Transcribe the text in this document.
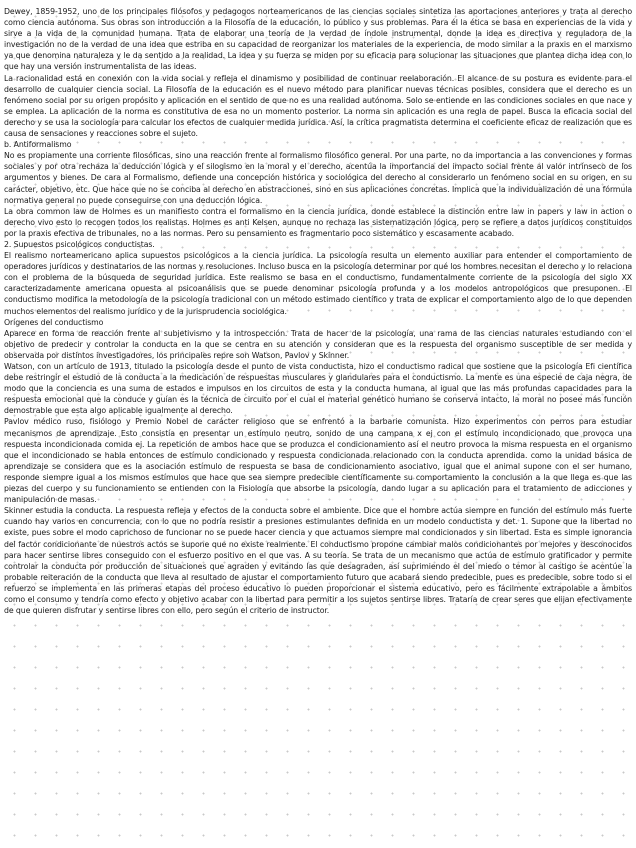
Dewey, 1859-1952, uno de los principales filósofos y pedagogos norteamericanos de las ciencias sociales sintetiza las aportaciones anteriores y trata al derecho como ciencia autónoma. Sus obras son introducción a la Filosofía de la educación, lo público y sus problemas. Para él la ética se basa en experiencias de la vida y sirve a la vida de la comunidad humana. Trata de elaborar una teoría de la verdad de índole instrumental, donde la idea es directiva y reguladora de la investigación no de la verdad de una idea que estriba en su capacidad de reorganizar los materiales de la experiencia, de modo similar a la praxis en el marxismo ya que denomina naturaleza y le da sentido a la realidad. La idea y su fuerza se miden por su eficacia para solucionar las situaciones que plantea dicha idea con lo que hay una versión instrumentalista de las ideas.

La racionalidad está en conexión con la vida social y refleja el dinamismo y posibilidad de continuar reelaboración. El alcance de su postura es evidente para el desarrollo de cualquier ciencia social. La Filosofía de la educación es el nuevo método para planificar nuevas técnicas posibles, considera que el derecho es un fenómeno social por su origen propósito y aplicación en el sentido de que no es una realidad autónoma. Solo se entiende en las condiciones sociales en que nace y se emplea. La aplicación de la norma es constitutiva de esa no un momento posterior. La norma sin aplicación es una regla de papel. Busca la eficacia social del derecho y se usa la sociología para calcular los efectos de cualquier medida jurídica. Así, la crítica pragmatista determina el coeficiente eficaz de realización que es causa de sensaciones y reacciones sobre el sujeto.

b. Antiformalismo

No es propiamente una corriente filosóficas, sino una reacción frente al formalismo filosófico general. Por una parte, no da importancia a las convenciones y formas sociales y por otra rechaza la deducción lógica y el silogismo en la moral y el derecho, acentúa la importancia del impacto social frente al valor intrínseco de los argumentos y bienes. De cara al Formalismo, defiende una concepción histórica y sociológica del derecho al considerarlo un fenómeno social en su origen, en su carácter, objetivo, etc. Que hace que no se conciba al derecho en abstracciones, sino en sus aplicaciones concretas. Implica que la individualización de una fórmula normativa general no puede conseguirse con una deducción lógica.

La obra common law de Holmes es un manifiesto contra el formalismo en la ciencia jurídica, donde establece la distinción entre law in papers y law in action o derecho vivo esto lo recogen todos los realistas. Holmes es anti Kelsen, aunque no rechaza las sistematización lógica, pero se refiere a datos jurídicos constituidos por la praxis efectiva de tribunales, no a las normas. Pero su pensamiento es fragmentario poco sistemático y escasamente acabado.

2. Supuestos psicológicos conductistas.

El realismo norteamericano aplica supuestos psicológicos a la ciencia jurídica. La psicología resulta un elemento auxiliar para entender el comportamiento de operadores jurídicos y destinatarios de las normas y resoluciones. Incluso busca en la psicología determinar por qué los hombres necesitan el derecho y lo relaciona con el problema de la búsqueda de seguridad jurídica. Este realismo se basa en el conductismo, fundamentalmente corriente de la psicología del siglo XX caracterizadamente americana opuesta al psicoanálisis que se puede denominar psicología profunda y a los modelos antropológicos que presuponen. El conductismo modifica la metodología de la psicología tradicional con un método estimado científico y trata de explicar el comportamiento algo de lo que dependen muchos elementos del realismo jurídico y de la jurisprudencia sociológica.

Orígenes del conductismo

Aparece en forma de reacción frente al subjetivismo y la introspección. Trata de hacer de la psicología, una rama de las ciencias naturales estudiando con el objetivo de predecir y controlar la conducta en la que se centra en su atención y consideran que es la respuesta del organismo susceptible de ser medida y observada por distintos investigadores, los principales repre son Watson, Pavlov y Skinner.

Watson, con un artículo de 1913, titulado la psicología desde el punto de vista conductista, hizo el conductismo radical que sostiene que la psicología Efi científica debe restringir el estudio de la conducta a la medicación de respuestas musculares y glandulares para el conductismo. La mente es una especie de caja negra, de modo que la conciencia es una suma de estados e impulsos en los circuitos de esta y la conducta humana, al igual que las más profundas capacidades para la respuesta emocional que la conduce y guían es la técnica de circuito por el cual el material genético humano se conserva intacto, la moral no posee más función demostrable que esta algo aplicable igualmente al derecho.

Pavlov médico ruso, fisiólogo y Premio Nobel de carácter religioso que se enfrentó a la barbarie comunista. Hizo experimentos con perros para estudiar mecanismos de aprendizaje. Esto consistía en presentar un estímulo neutro, sonido de una campana x ej con el estímulo incondicionado que provoca una respuesta incondicionada comida ej. La repetición de ambos hace que se produzca el condicionamiento así el neutro provoca la misma respuesta en el organismo que el incondicionado se habla entonces de estímulo condicionado y respuesta condicionada relacionado con la conducta aprendida. como la unidad básica de aprendizaje se considera que es la asociación estímulo de respuesta se basa de condicionamiento asociativo, igual que el animal supone con el ser humano, responde siempre igual a los mismos estímulos que hace que sea siempre predecible científicamente su comportamiento la conclusión a la que llega es que las piezas del cuerpo y su funcionamiento se entienden con la Fisiología que absorbe la psicología, dando lugar a su aplicación para el tratamiento de adicciones y manipulación de masas.

Skinner estudia la conducta. La respuesta refleja y efectos de la conducta sobre el ambiente. Dice que el hombre actúa siempre en función del estímulo más fuerte cuando hay varios en concurrencia, con lo que no podría resistir a presiones estimulantes definida en un modelo conductista y det. 1. Supone que la libertad no existe, pues sobre el modo caprichoso de funcionar no se puede hacer ciencia y que actuamos siempre mal condicionados y sin libertad. Esta es simple ignorancia del factor condicionante de nuestros actos se supone que no existe realmente. El conductismo propone cambiar malos condicionantes por mejores y desconocidos para hacer sentirse libres conseguido con el esfuerzo positivo en el que vas. A su teoría. Se trata de un mecanismo que actúa de estímulo gratificador y permite controlar la conducta por producción de situaciones que agraden y evitando las que desagraden, así suprimiendo el del miedo o temor al castigo se acentúe la probable reiteración de la conducta que lleva al resultado de ajustar el comportamiento futuro que acabará siendo predecible, pues es predecible, sobre todo si el refuerzo se implementa en las primeras etapas del proceso educativo lo pueden proporcionar el sistema educativo, pero es fácilmente extrapolable a ámbitos como el consumo y tendría como efecto y objetivo acabar con la libertad para permitir a los sujetos sentirse libres. Trataría de crear seres que elijan efectivamente de que quieren disfrutar y sentirse libres con ello, pero según el criterio de instructor.
